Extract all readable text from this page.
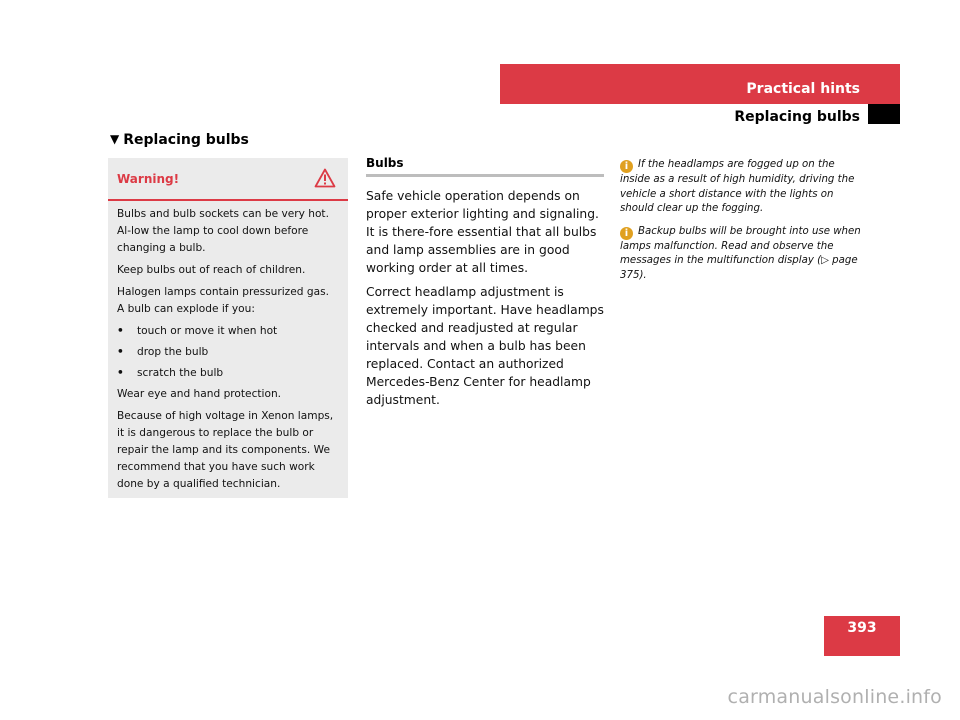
Practical hints
Replacing bulbs
▼ Replacing bulbs
Warning!

Bulbs and bulb sockets can be very hot. Al-low the lamp to cool down before changing a bulb.

Keep bulbs out of reach of children.

Halogen lamps contain pressurized gas.

A bulb can explode if you:

• touch or move it when hot
• drop the bulb
• scratch the bulb

Wear eye and hand protection.

Because of high voltage in Xenon lamps, it is dangerous to replace the bulb or repair the lamp and its components. We recommend that you have such work done by a qualified technician.

Bulbs

Safe vehicle operation depends on proper exterior lighting and signaling. It is there-fore essential that all bulbs and lamp assemblies are in good working order at all times.

Correct headlamp adjustment is extremely important. Have headlamps checked and readjusted at regular intervals and when a bulb has been replaced. Contact an authorized Mercedes-Benz Center for headlamp adjustment.

i If the headlamps are fogged up on the inside as a result of high humidity, driving the vehicle a short distance with the lights on should clear up the fogging.

i Backup bulbs will be brought into use when lamps malfunction. Read and observe the messages in the multifunction display (▷ page 375).

393
carmanualsonline.info
